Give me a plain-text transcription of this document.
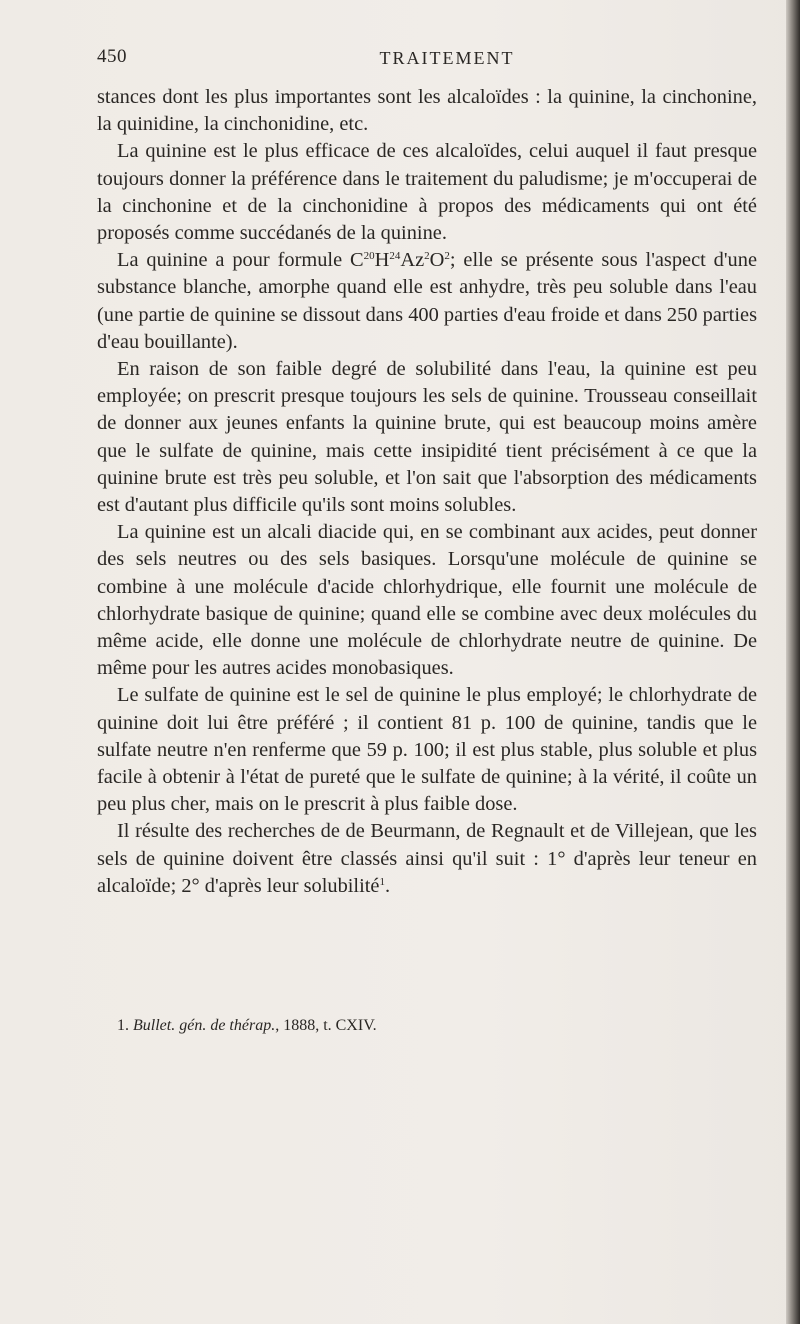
450	TRAITEMENT

stances dont les plus importantes sont les alcaloïdes : la quinine, la cinchonine, la quinidine, la cinchonidine, etc.

La quinine est le plus efficace de ces alcaloïdes, celui auquel il faut presque toujours donner la préférence dans le traitement du paludisme; je m'occuperai de la cinchonine et de la cinchonidine à propos des médicaments qui ont été proposés comme succédanés de la quinine.

La quinine a pour formule $C^{20}H^{24}Az^2O^2$; elle se présente sous l'aspect d'une substance blanche, amorphe quand elle est anhydre, très peu soluble dans l'eau (une partie de quinine se dissout dans 400 parties d'eau froide et dans 250 parties d'eau bouillante).

En raison de son faible degré de solubilité dans l'eau, la quinine est peu employée; on prescrit presque toujours les sels de quinine. Trousseau conseillait de donner aux jeunes enfants la quinine brute, qui est beaucoup moins amère que le sulfate de quinine, mais cette insipidité tient précisément à ce que la quinine brute est très peu soluble, et l'on sait que l'absorption des médicaments est d'autant plus difficile qu'ils sont moins solubles.

La quinine est un alcali diacide qui, en se combinant aux acides, peut donner des sels neutres ou des sels basiques. Lorsqu'une molécule de quinine se combine à une molécule d'acide chlorhydrique, elle fournit une molécule de chlorhydrate basique de quinine; quand elle se combine avec deux molécules du même acide, elle donne une molécule de chlorhydrate neutre de quinine. De même pour les autres acides monobasiques.

Le sulfate de quinine est le sel de quinine le plus employé; le chlorhydrate de quinine doit lui être préféré ; il contient 81 p. 100 de quinine, tandis que le sulfate neutre n'en renferme que 59 p. 100; il est plus stable, plus soluble et plus facile à obtenir à l'état de pureté que le sulfate de quinine; à la vérité, il coûte un peu plus cher, mais on le prescrit à plus faible dose.

Il résulte des recherches de de Beurmann, de Regnault et de Villejean, que les sels de quinine doivent être classés ainsi qu'il suit : 1° d'après leur teneur en alcaloïde; 2° d'après leur solubilité$^1$.

1. Bullet. gén. de thérap., 1888, t. CXIV.
